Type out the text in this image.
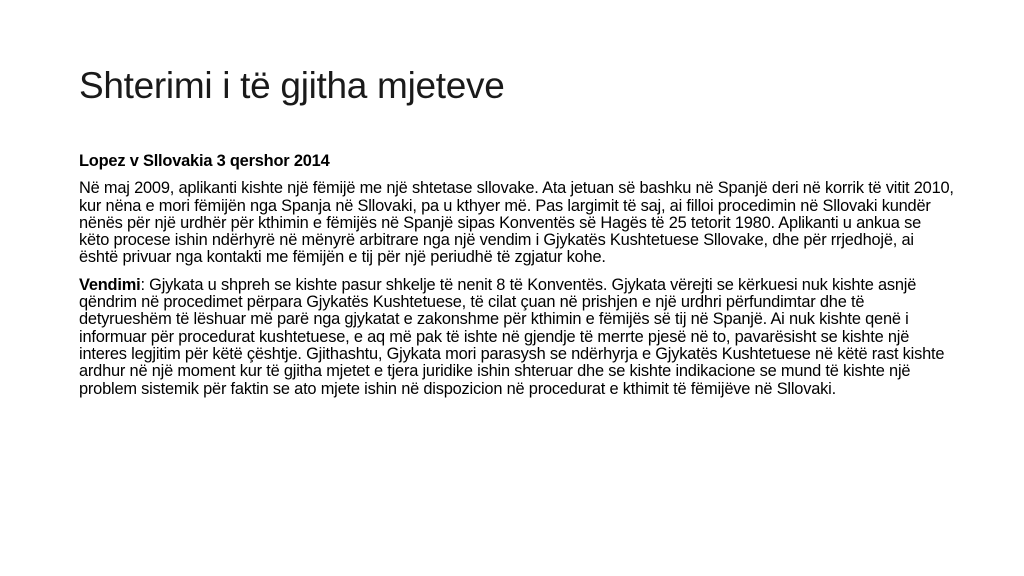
Shterimi i të gjitha mjeteve

Lopez v Sllovakia 3 qershor 2014

Në maj 2009, aplikanti kishte një fëmijë me një shtetase sllovake. Ata jetuan së bashku në Spanjë deri në korrik të vitit 2010, kur nëna e mori fëmijën nga Spanja në Sllovaki, pa u kthyer më. Pas largimit të saj, ai filloi procedimin në Sllovaki kundër nënës për një urdhër për kthimin e fëmijës në Spanjë sipas Konventës së Hagës të 25 tetorit 1980. Aplikanti u ankua se këto procese ishin ndërhyrë në mënyrë arbitrare nga një vendim i Gjykatës Kushtetuese Sllovake, dhe për rrjedhojë, ai është privuar nga kontakti me fëmijën e tij për një periudhë të zgjatur kohe.

Vendimi: Gjykata u shpreh se kishte pasur shkelje të nenit 8 të Konventës. Gjykata vërejti se kërkuesi nuk kishte asnjë qëndrim në procedimet përpara Gjykatës Kushtetuese, të cilat çuan në prishjen e një urdhri përfundimtar dhe të detyrueshëm të lëshuar më parë nga gjykatat e zakonshme për kthimin e fëmijës së tij në Spanjë. Ai nuk kishte qenë i informuar për procedurat kushtetuese, e aq më pak të ishte në gjendje të merrte pjesë në to, pavarësisht se kishte një interes legjitim për këtë çështje. Gjithashtu, Gjykata mori parasysh se ndërhyrja e Gjykatës Kushtetuese në këtë rast kishte ardhur në një moment kur të gjitha mjetet e tjera juridike ishin shteruar dhe se kishte indikacione se mund të kishte një problem sistemik për faktin se ato mjete ishin në dispozicion në procedurat e kthimit të fëmijëve në Sllovaki.
